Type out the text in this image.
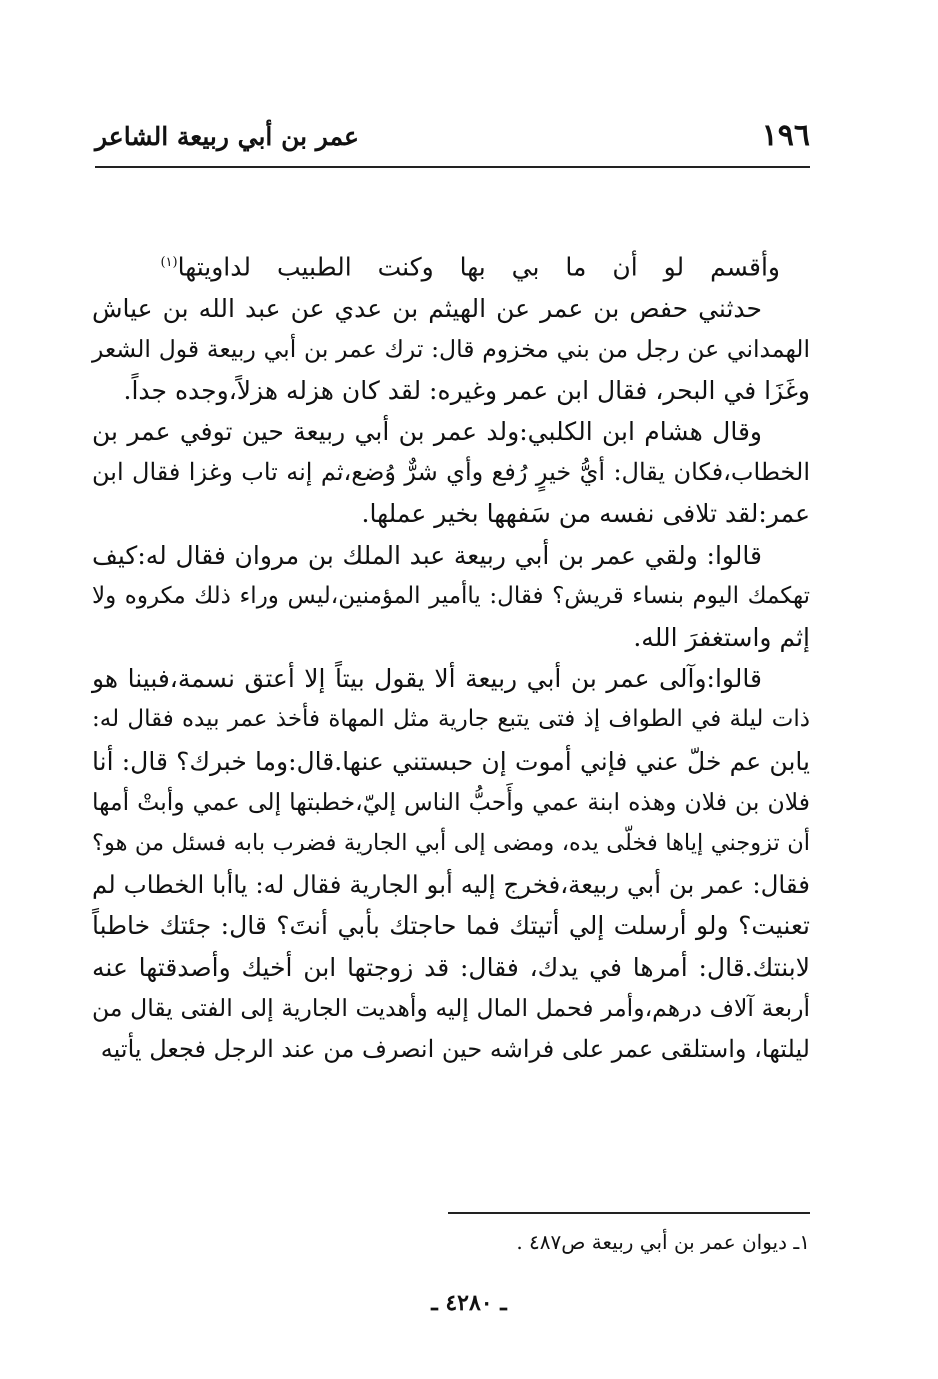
١٩٦
عمر بن أبي ربيعة الشاعر
وأقسم لو أن ما بي بها وكنت الطبيب لداويتها$^{(١)}$

حدثني حفص بن عمر عن الهيثم بن عدي عن عبد الله بن عياش
الهمداني عن رجل من بني مخزوم قال: ترك عمر بن أبي ربيعة قول الشعر
وغَزَا في البحر، فقال ابن عمر وغيره: لقد كان هزله هزلاً،وجده جداً.

وقال هشام ابن الكلبي:ولد عمر بن أبي ربيعة حين توفي عمر بن
الخطاب،فكان يقال: أيُّ خيرٍ رُفع وأي شرٌّ وُضع،ثم إنه تاب وغزا فقال ابن
عمر:لقد تلافى نفسه من سَفهها بخير عملها.

قالوا: ولقي عمر بن أبي ربيعة عبد الملك بن مروان فقال له:كيف
تهكمك اليوم بنساء قريش؟ فقال: ياأمير المؤمنين،ليس وراء ذلك مكروه ولا
إثم واستغفرَ الله.

قالوا:وآلى عمر بن أبي ربيعة ألا يقول بيتاً إلا أعتق نسمة،فبينا هو
ذات ليلة في الطواف إذ فتى يتبع جارية مثل المهاة فأخذ عمر بيده فقال له:
يابن عم خلّ عني فإني أموت إن حبستني عنها.قال:وما خبرك؟ قال: أنا
فلان بن فلان وهذه ابنة عمي وأَحبُّ الناس إليّ،خطبتها إلى عمي وأبتْ أمها
أن تزوجني إياها فخلّى يده، ومضى إلى أبي الجارية فضرب بابه فسئل من هو؟
فقال: عمر بن أبي ربيعة،فخرج إليه أبو الجارية فقال له: ياأبا الخطاب لم
تعنيت؟ ولو أرسلت إلي أتيتك فما حاجتك بأبي أنتَ؟ قال: جئتك خاطباً
لابنتك.قال: أمرها في يدك، فقال: قد زوجتها ابن أخيك وأصدقتها عنه
أربعة آلاف درهم،وأمر فحمل المال إليه وأهديت الجارية إلى الفتى يقال من
ليلتها، واستلقى عمر على فراشه حين انصرف من عند الرجل فجعل يأتيه

١ـ ديوان عمر بن أبي ربيعة ص٤٨٧ .
ـ ٤٢٨٠ ـ
